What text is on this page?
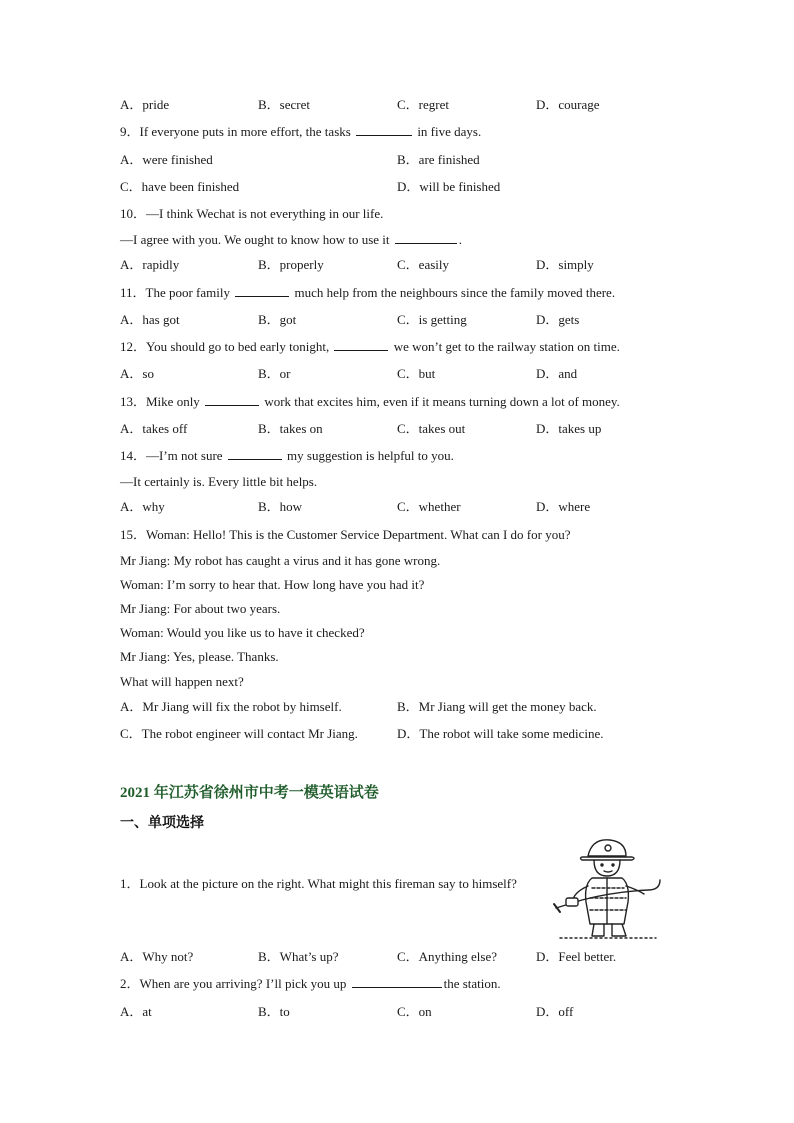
A．pride	B．secret	C．regret	D．courage
9．If everyone puts in more effort, the tasks	in five days.
A．were finished	B．are finished
C．have been finished	D．will be finished
10．—I think Wechat is not everything in our life.
—I agree with you. We ought to know how to use it	.
A．rapidly	B．properly	C．easily	D．simply
11．The poor family	much help from the neighbours since the family moved there.
A．has got	B．got	C．is getting	D．gets
12．You should go to bed early tonight,	we won’t get to the railway station on time.
A．so	B．or	C．but	D．and
13．Mike only	work that excites him, even if it means turning down a lot of money.
A．takes off	B．takes on	C．takes out	D．takes up
14．—I’m not sure	my suggestion is helpful to you.
—It certainly is. Every little bit helps.
A．why	B．how	C．whether	D．where
15．Woman: Hello! This is the Customer Service Department. What can I do for you?
Mr Jiang: My robot has caught a virus and it has gone wrong.
Woman: I’m sorry to hear that. How long have you had it?
Mr Jiang: For about two years.
Woman: Would you like us to have it checked?
Mr Jiang: Yes, please. Thanks.
What will happen next?
A．Mr Jiang will fix the robot by himself.	B．Mr Jiang will get the money back.
C．The robot engineer will contact Mr Jiang.	D．The robot will take some medicine.
2021 年江苏省徐州市中考一模英语试卷
一、单项选择
1．Look at the picture on the right. What might this fireman say to himself?
A．Why not?	B．What’s up?	C．Anything else?	D．Feel better.
2．When are you arriving? I’ll pick you up	the station.
A．at	B．to	C．on	D．off
